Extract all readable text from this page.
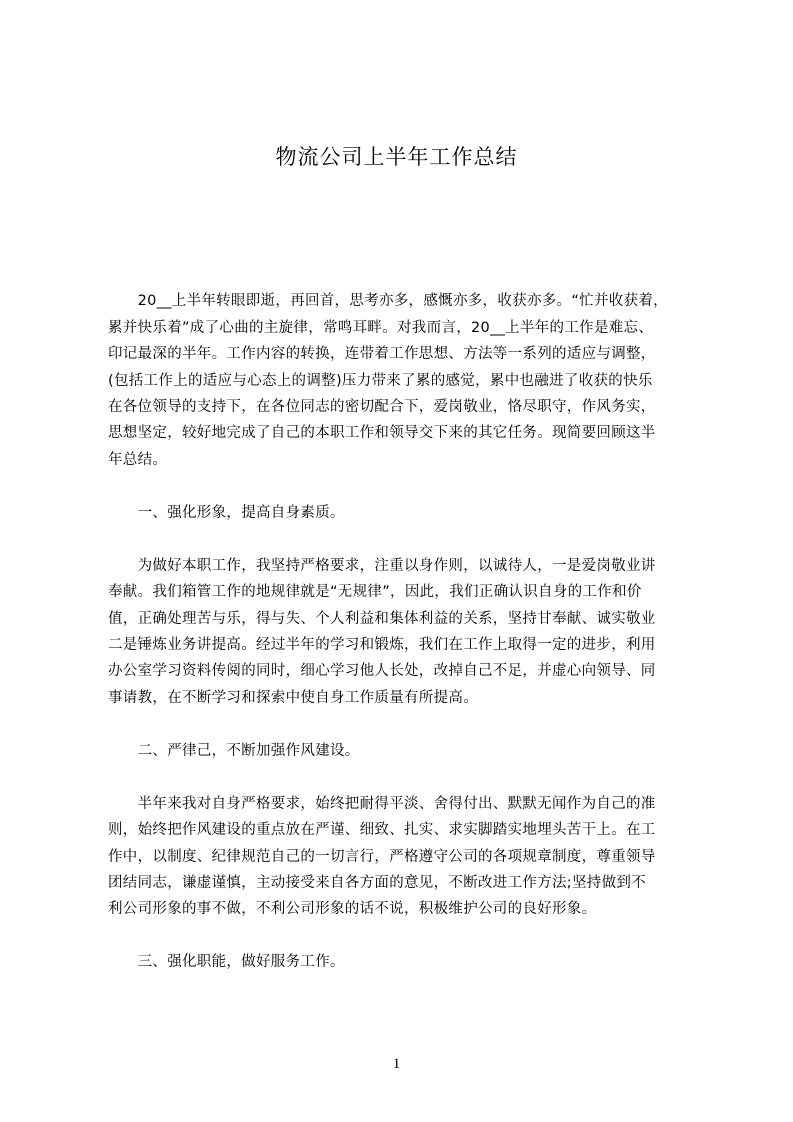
物流公司上半年工作总结
　　20__上半年转眼即逝，再回首，思考亦多，感慨亦多，收获亦多。“忙并收获着，
累并快乐着”成了心曲的主旋律，常鸣耳畔。对我而言，20__上半年的工作是难忘、
印记最深的半年。工作内容的转换，连带着工作思想、方法等一系列的适应与调整，
(包括工作上的适应与心态上的调整)压力带来了累的感觉，累中也融进了收获的快乐
在各位领导的支持下，在各位同志的密切配合下，爱岗敬业，恪尽职守，作风务实，
思想坚定，较好地完成了自己的本职工作和领导交下来的其它任务。现简要回顾这半
年总结。
　　一、强化形象，提高自身素质。
　　为做好本职工作，我坚持严格要求，注重以身作则，以诚待人，一是爱岗敬业讲
奉献。我们箱管工作的地规律就是“无规律”，因此，我们正确认识自身的工作和价
值，正确处理苦与乐，得与失、个人利益和集体利益的关系，坚持甘奉献、诚实敬业
二是锤炼业务讲提高。经过半年的学习和锻炼，我们在工作上取得一定的进步，利用
办公室学习资料传阅的同时，细心学习他人长处，改掉自己不足，并虚心向领导、同
事请教，在不断学习和探索中使自身工作质量有所提高。
　　二、严律己，不断加强作风建设。
　　半年来我对自身严格要求，始终把耐得平淡、舍得付出、默默无闻作为自己的准
则，始终把作风建设的重点放在严谨、细致、扎实、求实脚踏实地埋头苦干上。在工
作中，以制度、纪律规范自己的一切言行，严格遵守公司的各项规章制度，尊重领导
团结同志，谦虚谨慎，主动接受来自各方面的意见，不断改进工作方法;坚持做到不
利公司形象的事不做，不利公司形象的话不说，积极维护公司的良好形象。
　　三、强化职能，做好服务工作。
1
